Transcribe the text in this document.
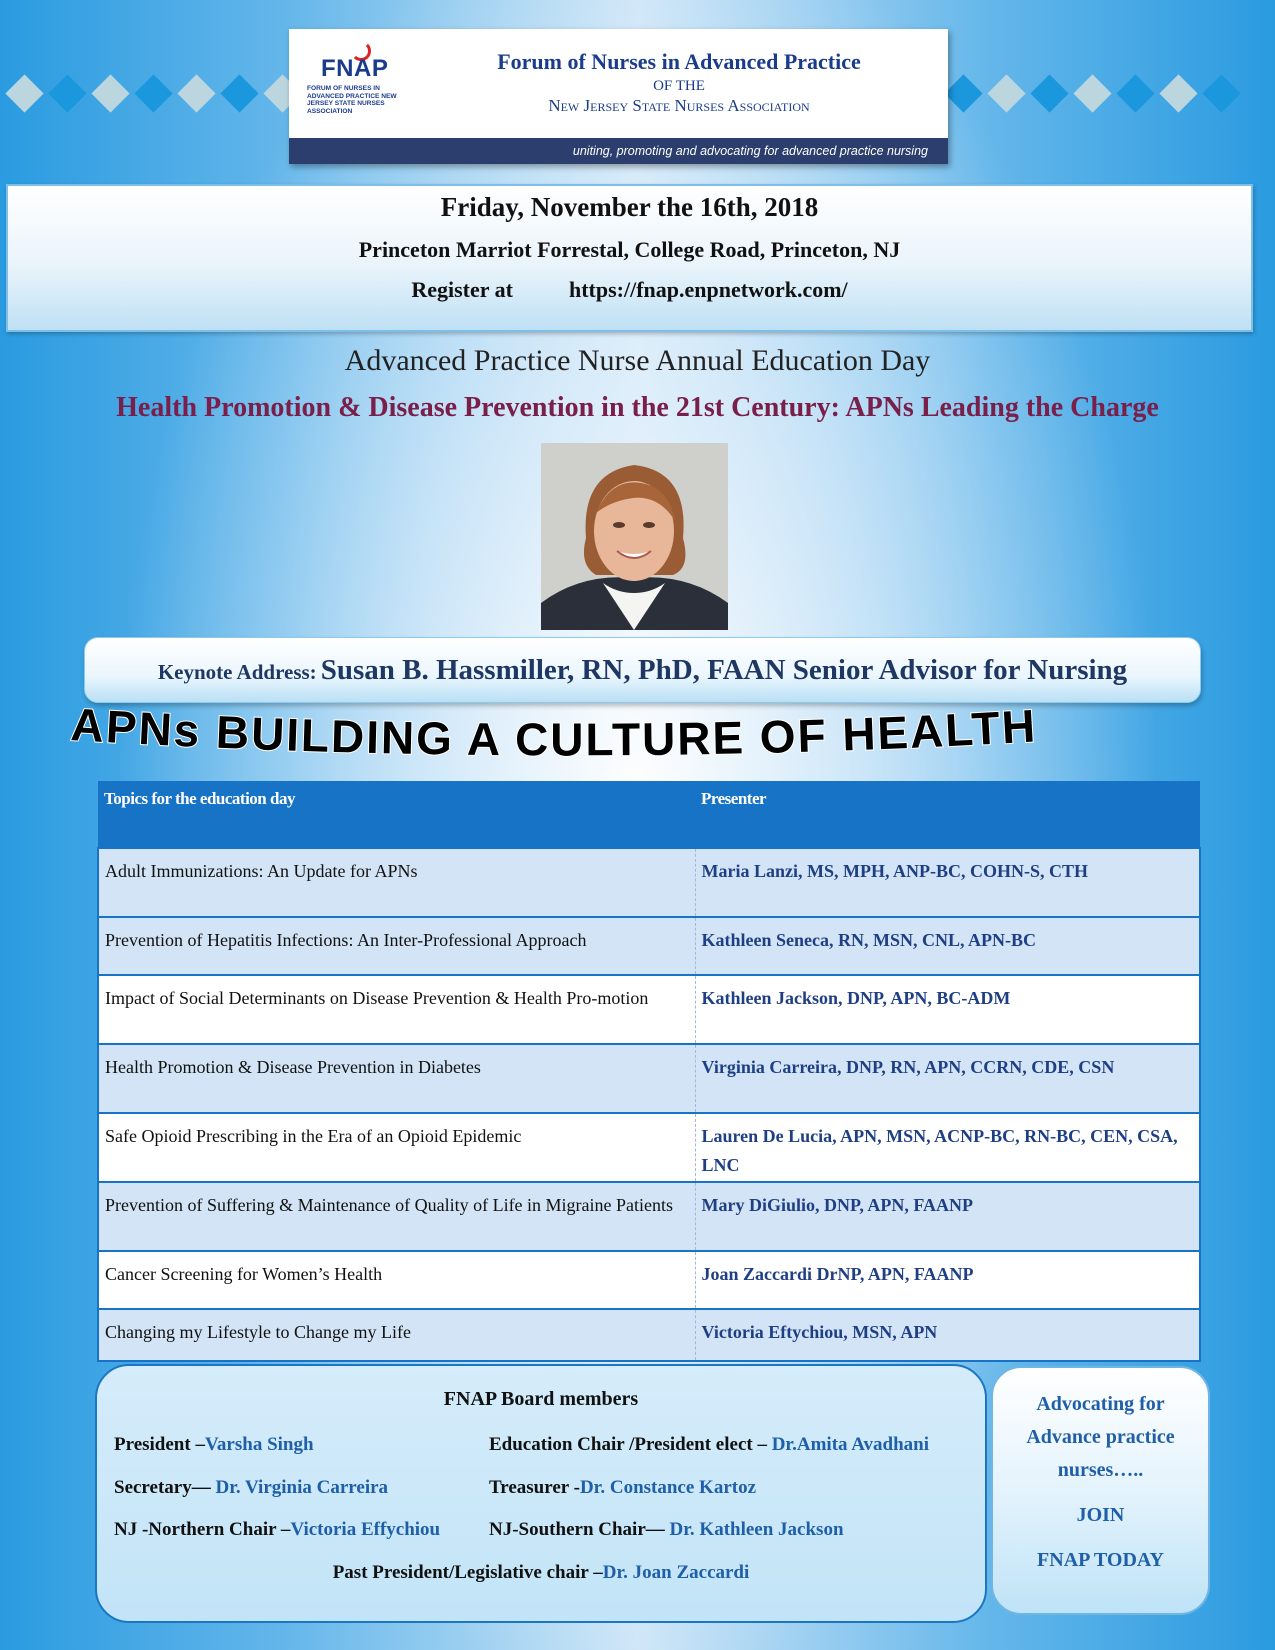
FNAP
FORUM OF NURSES IN ADVANCED PRACTICE NEW JERSEY STATE NURSES ASSOCIATION
Forum of Nurses in Advanced Practice
OF THE
New Jersey State Nurses Association
uniting, promoting and advocating for advanced practice nursing
Friday, November the 16th, 2018
Princeton Marriot Forrestal, College Road, Princeton, NJ
Register at	https://fnap.enpnetwork.com/
Advanced Practice Nurse Annual Education Day
Health Promotion & Disease Prevention in the 21st Century: APNs Leading the Charge
Keynote Address: Susan B. Hassmiller, RN, PhD, FAAN Senior Advisor for Nursing
APNs BUILDING A CULTURE OF HEALTH
Topics for the education day	Presenter
Adult Immunizations: An Update for APNs	Maria Lanzi, MS, MPH, ANP-BC, COHN-S, CTH
Prevention of Hepatitis Infections: An Inter-Professional Approach	Kathleen Seneca, RN, MSN, CNL, APN-BC
Impact of Social Determinants on Disease Prevention & Health Pro-motion	Kathleen Jackson, DNP, APN, BC-ADM
Health Promotion & Disease Prevention in Diabetes	Virginia Carreira, DNP, RN, APN, CCRN, CDE, CSN
Safe Opioid Prescribing in the Era of an Opioid Epidemic	Lauren De Lucia, APN, MSN, ACNP-BC, RN-BC, CEN, CSA, LNC
Prevention of Suffering & Maintenance of Quality of Life in Migraine Patients	Mary DiGiulio, DNP, APN, FAANP
Cancer Screening for Women’s Health	Joan Zaccardi DrNP, APN, FAANP
Changing my Lifestyle to Change my Life	Victoria Eftychiou, MSN, APN
FNAP Board members
President –Varsha Singh	Education Chair /President elect – Dr.Amita Avadhani
Secretary— Dr. Virginia Carreira	Treasurer -Dr. Constance Kartoz
NJ -Northern Chair –Victoria Effychiou	NJ-Southern Chair— Dr. Kathleen Jackson
Past President/Legislative chair –Dr. Joan Zaccardi
Advocating for
Advance practice
nurses…..
JOIN
FNAP TODAY
